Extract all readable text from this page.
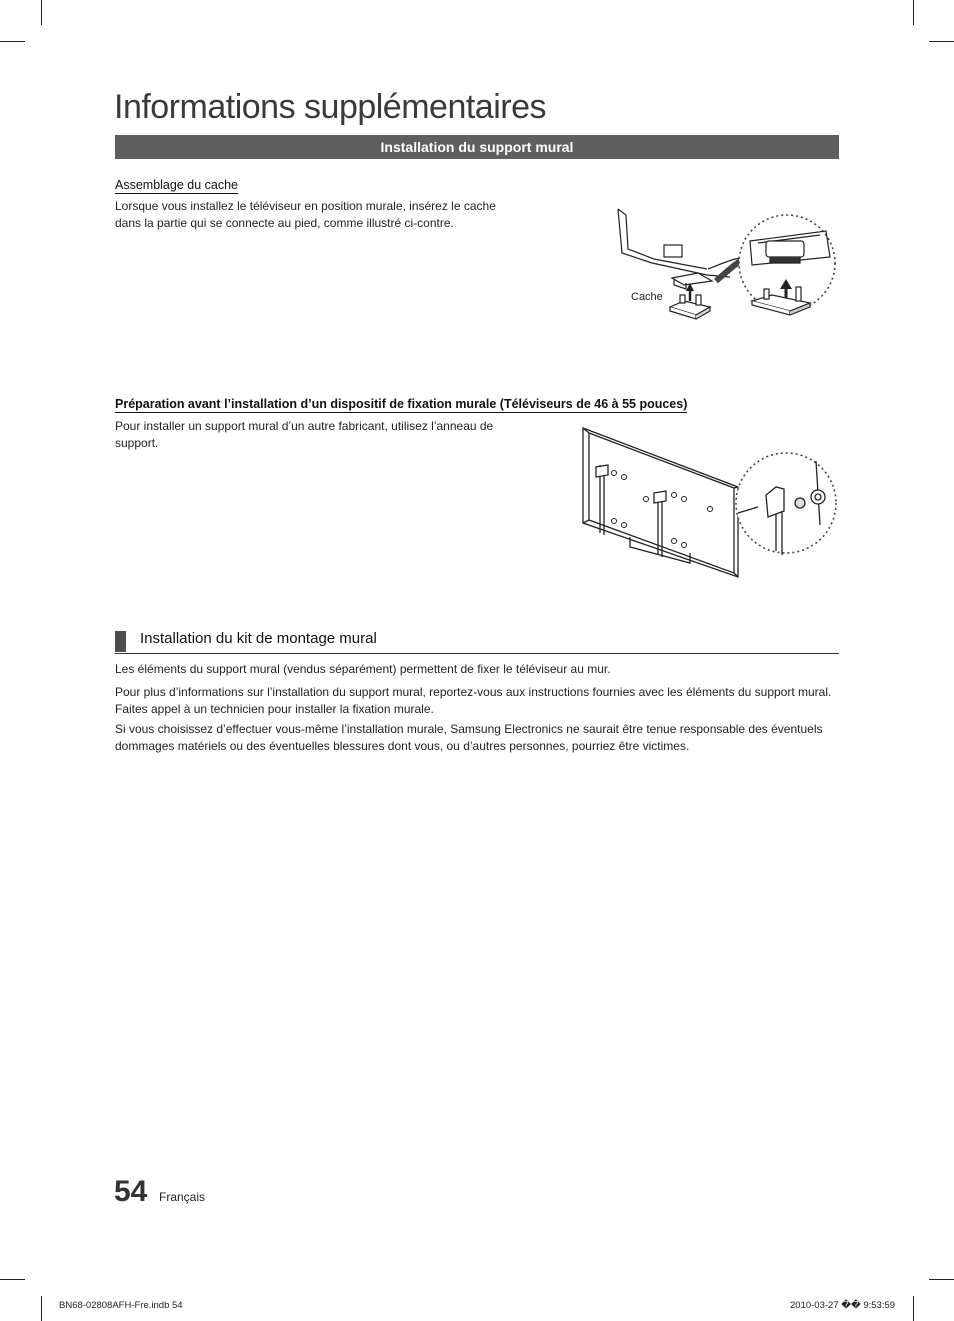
Informations supplémentaires
Installation du support mural
Assemblage du cache
Lorsque vous installez le téléviseur en position murale, insérez le cache dans la partie qui se connecte au pied, comme illustré ci-contre.
Cache
Préparation avant l’installation d’un dispositif de fixation murale (Téléviseurs de 46 à 55 pouces)
Pour installer un support mural d’un autre fabricant, utilisez l’anneau de support.
Installation du kit de montage mural
Les éléments du support mural (vendus séparément) permettent de fixer le téléviseur au mur.
Pour plus d’informations sur l’installation du support mural, reportez-vous aux instructions fournies avec les éléments du support mural. Faites appel à un technicien pour installer la fixation murale.
Si vous choisissez d’effectuer vous-même l’installation murale, Samsung Electronics ne saurait être tenue responsable des éventuels dommages matériels ou des éventuelles blessures dont vous, ou d’autres personnes, pourriez être victimes.
54 Français
BN68-02808AFH-Fre.indb 54	2010-03-27 �� 9:53:59
